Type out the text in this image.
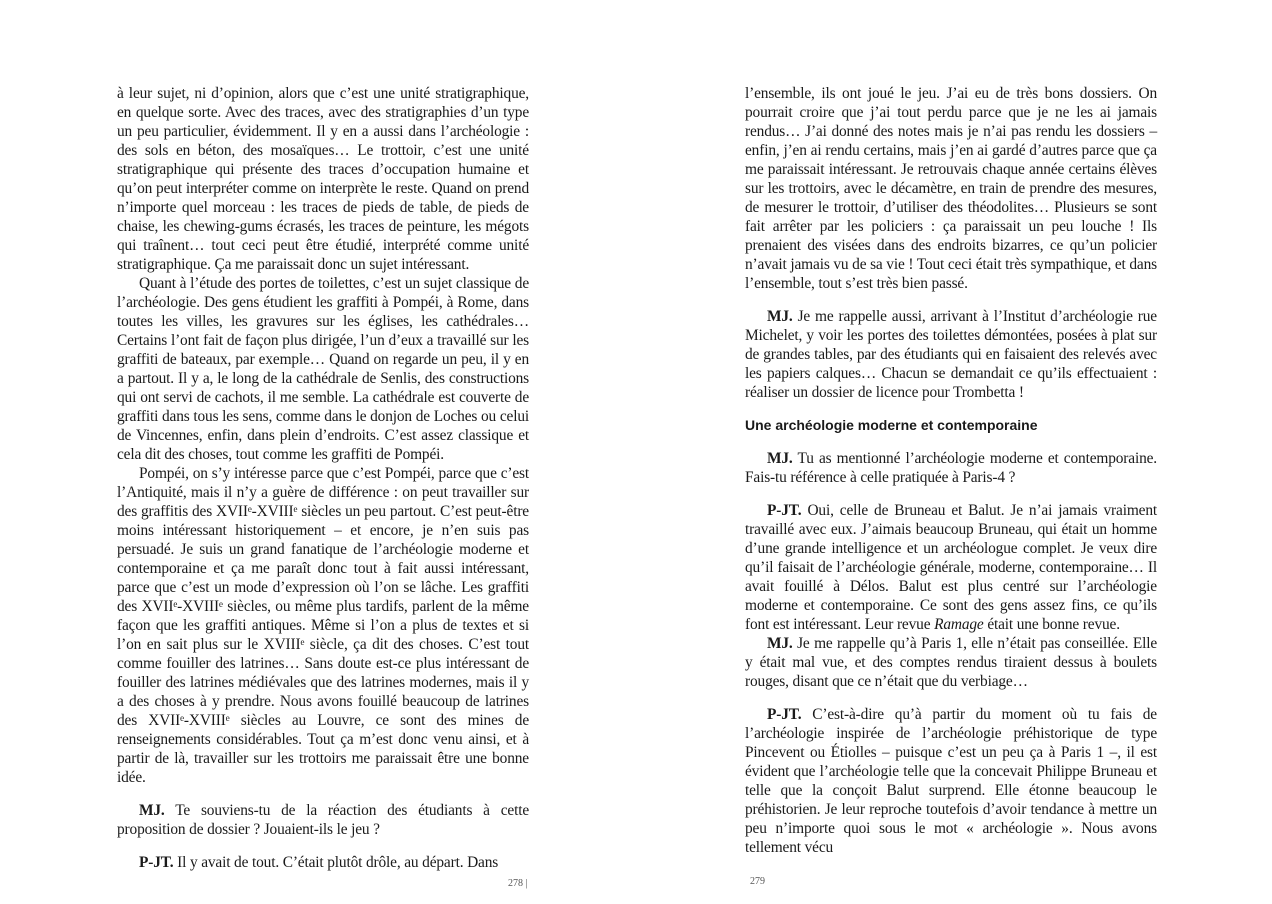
à leur sujet, ni d’opinion, alors que c’est une unité stratigraphique, en quelque sorte. Avec des traces, avec des stratigraphies d’un type un peu particulier, évidemment. Il y en a aussi dans l’archéologie : des sols en béton, des mosaïques… Le trottoir, c’est une unité stratigraphique qui présente des traces d’occupation humaine et qu’on peut interpréter comme on interprète le reste. Quand on prend n’importe quel morceau : les traces de pieds de table, de pieds de chaise, les chewing-gums écrasés, les traces de peinture, les mégots qui traînent… tout ceci peut être étudié, interprété comme unité stratigraphique. Ça me paraissait donc un sujet intéressant.

Quant à l’étude des portes de toilettes, c’est un sujet classique de l’archéologie. Des gens étudient les graffiti à Pompéi, à Rome, dans toutes les villes, les gravures sur les églises, les cathédrales… Certains l’ont fait de façon plus dirigée, l’un d’eux a travaillé sur les graffiti de bateaux, par exemple… Quand on regarde un peu, il y en a partout. Il y a, le long de la cathédrale de Senlis, des constructions qui ont servi de cachots, il me semble. La cathédrale est couverte de graffiti dans tous les sens, comme dans le donjon de Loches ou celui de Vincennes, enfin, dans plein d’endroits. C’est assez classique et cela dit des choses, tout comme les graffiti de Pompéi.

Pompéi, on s’y intéresse parce que c’est Pompéi, parce que c’est l’Antiquité, mais il n’y a guère de différence : on peut travailler sur des graffitis des XVIIᵉ-XVIIIᵉ siècles un peu partout. C’est peut-être moins intéressant historiquement – et encore, je n’en suis pas persuadé. Je suis un grand fanatique de l’archéologie moderne et contemporaine et ça me paraît donc tout à fait aussi intéressant, parce que c’est un mode d’expression où l’on se lâche. Les graffiti des XVIIᵉ-XVIIIᵉ siècles, ou même plus tardifs, parlent de la même façon que les graffiti antiques. Même si l’on a plus de textes et si l’on en sait plus sur le XVIIIᵉ siècle, ça dit des choses. C’est tout comme fouiller des latrines… Sans doute est-ce plus intéressant de fouiller des latrines médiévales que des latrines modernes, mais il y a des choses à y prendre. Nous avons fouillé beaucoup de latrines des XVIIᵉ-XVIIIᵉ siècles au Louvre, ce sont des mines de renseignements considérables. Tout ça m’est donc venu ainsi, et à partir de là, travailler sur les trottoirs me paraissait être une bonne idée.

MJ. Te souviens-tu de la réaction des étudiants à cette proposition de dossier ? Jouaient-ils le jeu ?

P-JT. Il y avait de tout. C’était plutôt drôle, au départ. Dans

278 |

l’ensemble, ils ont joué le jeu. J’ai eu de très bons dossiers. On pourrait croire que j’ai tout perdu parce que je ne les ai jamais rendus… J’ai donné des notes mais je n’ai pas rendu les dossiers – enfin, j’en ai rendu certains, mais j’en ai gardé d’autres parce que ça me paraissait intéressant. Je retrouvais chaque année certains élèves sur les trottoirs, avec le décamètre, en train de prendre des mesures, de mesurer le trottoir, d’utiliser des théodolites… Plusieurs se sont fait arrêter par les policiers : ça paraissait un peu louche ! Ils prenaient des visées dans des endroits bizarres, ce qu’un policier n’avait jamais vu de sa vie ! Tout ceci était très sympathique, et dans l’ensemble, tout s’est très bien passé.

MJ. Je me rappelle aussi, arrivant à l’Institut d’archéologie rue Michelet, y voir les portes des toilettes démontées, posées à plat sur de grandes tables, par des étudiants qui en faisaient des relevés avec les papiers calques… Chacun se demandait ce qu’ils effectuaient : réaliser un dossier de licence pour Trombetta !

Une archéologie moderne et contemporaine

MJ. Tu as mentionné l’archéologie moderne et contemporaine. Fais-tu référence à celle pratiquée à Paris-4 ?

P-JT. Oui, celle de Bruneau et Balut. Je n’ai jamais vraiment travaillé avec eux. J’aimais beaucoup Bruneau, qui était un homme d’une grande intelligence et un archéologue complet. Je veux dire qu’il faisait de l’archéologie générale, moderne, contemporaine… Il avait fouillé à Délos. Balut est plus centré sur l’archéologie moderne et contemporaine. Ce sont des gens assez fins, ce qu’ils font est intéressant. Leur revue Ramage était une bonne revue.

MJ. Je me rappelle qu’à Paris 1, elle n’était pas conseillée. Elle y était mal vue, et des comptes rendus tiraient dessus à boulets rouges, disant que ce n’était que du verbiage…

P-JT. C’est-à-dire qu’à partir du moment où tu fais de l’archéologie inspirée de l’archéologie préhistorique de type Pincevent ou Étiolles – puisque c’est un peu ça à Paris 1 –, il est évident que l’archéologie telle que la concevait Philippe Bruneau et telle que la conçoit Balut surprend. Elle étonne beaucoup le préhistorien. Je leur reproche toutefois d’avoir tendance à mettre un peu n’importe quoi sous le mot « archéologie ». Nous avons tellement vécu

279
